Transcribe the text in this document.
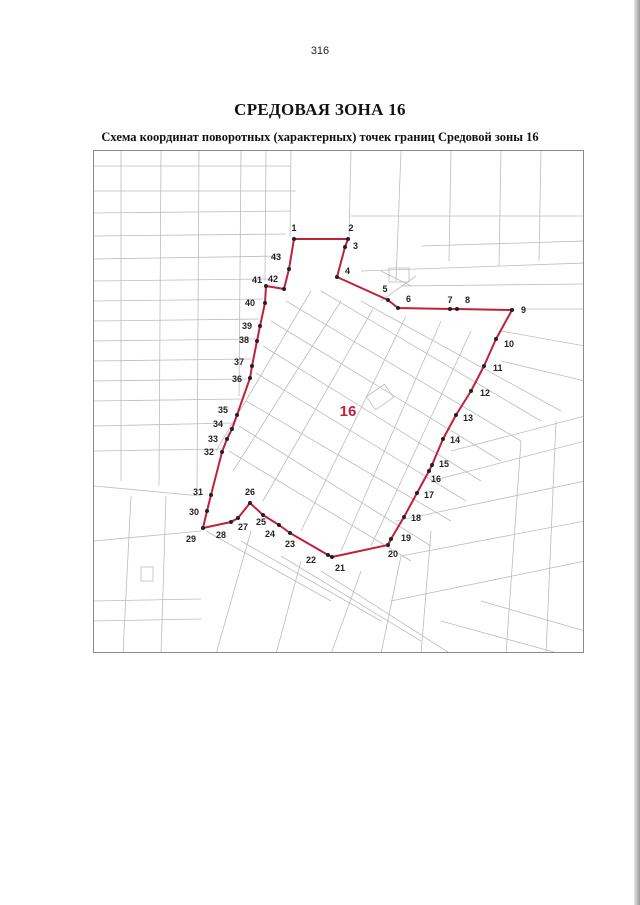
316
СРЕДОВАЯ ЗОНА 16
Схема координат поворотных (характерных) точек границ Средовой зоны 16
1	2
3
4
5
6	7 8
9
10
11
12
13
14
15
16
17
18
19
20
21
22
23
24
25
26
27
28
29
30
31
32
33
34
35
36
37
38
39
40
41 42
43
16
